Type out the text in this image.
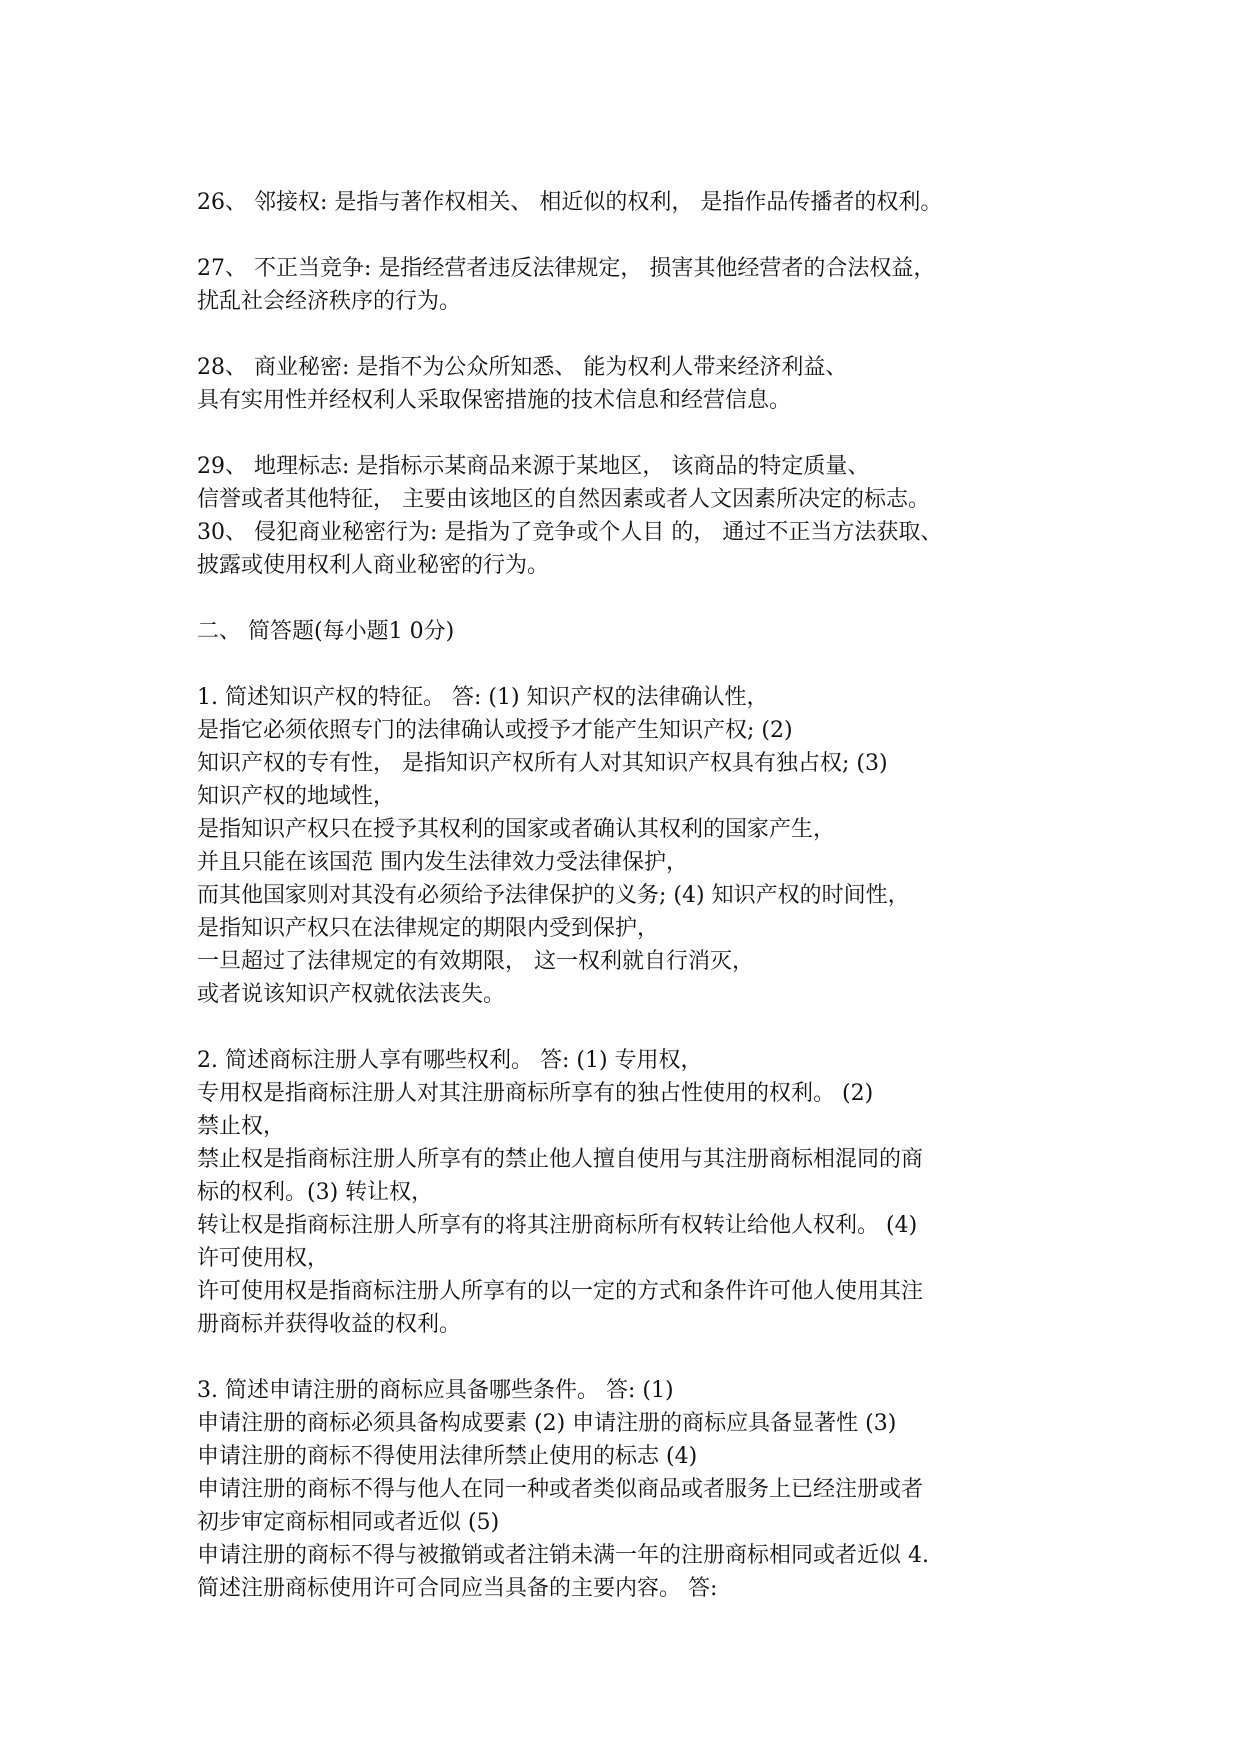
26、 邻接权: 是指与著作权相关、 相近似的权利， 是指作品传播者的权利。
27、 不正当竞争: 是指经营者违反法律规定， 损害其他经营者的合法权益，
扰乱社会经济秩序的行为。
28、 商业秘密: 是指不为公众所知悉、 能为权利人带来经济利益、
具有实用性并经权利人采取保密措施的技术信息和经营信息。
29、 地理标志: 是指标示某商品来源于某地区， 该商品的特定质量、
信誉或者其他特征， 主要由该地区的自然因素或者人文因素所决定的标志。
30、 侵犯商业秘密行为: 是指为了竞争或个人目 的， 通过不正当方法获取、
披露或使用权利人商业秘密的行为。
二、 简答题(每小题1 0分)
1. 简述知识产权的特征。 答: (1) 知识产权的法律确认性，
是指它必须依照专门的法律确认或授予才能产生知识产权; (2)
知识产权的专有性， 是指知识产权所有人对其知识产权具有独占权; (3)
知识产权的地域性，
是指知识产权只在授予其权利的国家或者确认其权利的国家产生，
并且只能在该国范 围内发生法律效力受法律保护，
而其他国家则对其没有必须给予法律保护的义务; (4) 知识产权的时间性，
是指知识产权只在法律规定的期限内受到保护，
一旦超过了法律规定的有效期限， 这一权利就自行消灭，
或者说该知识产权就依法丧失。
2. 简述商标注册人享有哪些权利。 答: (1) 专用权，
专用权是指商标注册人对其注册商标所享有的独占性使用的权利。 (2)
禁止权，
禁止权是指商标注册人所享有的禁止他人擅自使用与其注册商标相混同的商
标的权利。(3) 转让权，
转让权是指商标注册人所享有的将其注册商标所有权转让给他人权利。 (4)
许可使用权，
许可使用权是指商标注册人所享有的以一定的方式和条件许可他人使用其注
册商标并获得收益的权利。
3. 简述申请注册的商标应具备哪些条件。 答: (1)
申请注册的商标必须具备构成要素 (2) 申请注册的商标应具备显著性 (3)
申请注册的商标不得使用法律所禁止使用的标志 (4)
申请注册的商标不得与他人在同一种或者类似商品或者服务上已经注册或者
初步审定商标相同或者近似 (5)
申请注册的商标不得与被撤销或者注销未满一年的注册商标相同或者近似 4.
简述注册商标使用许可合同应当具备的主要内容。 答:
